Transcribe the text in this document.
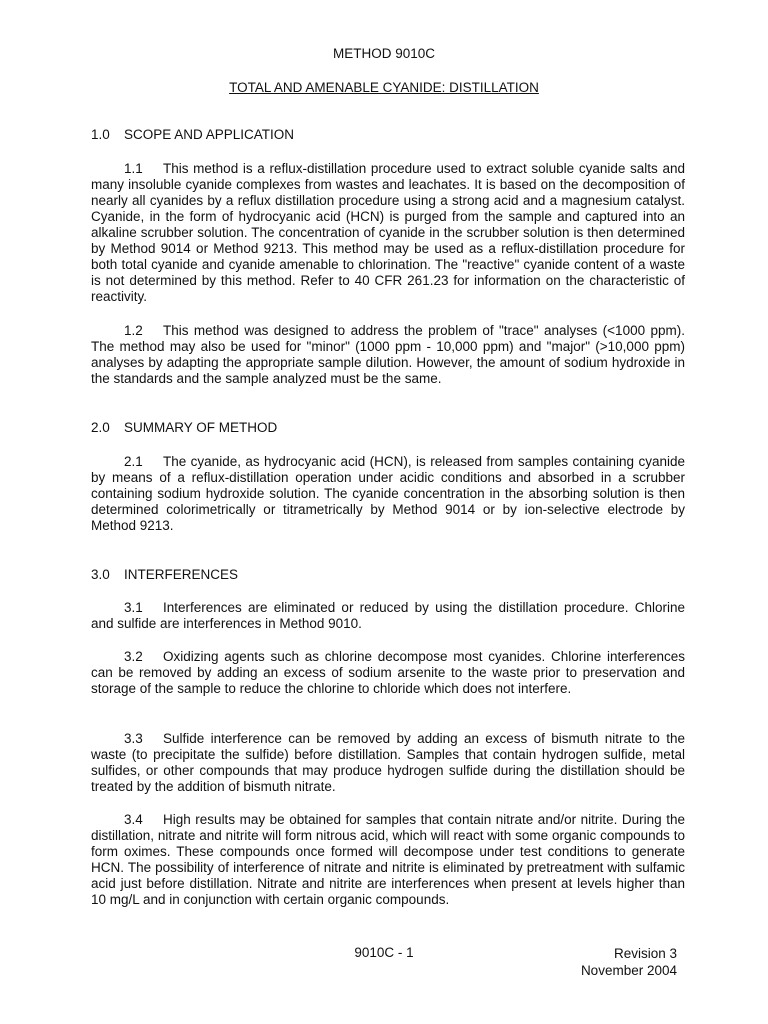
METHOD 9010C
TOTAL AND AMENABLE CYANIDE: DISTILLATION
1.0 SCOPE AND APPLICATION
1.1 This method is a reflux-distillation procedure used to extract soluble cyanide salts and many insoluble cyanide complexes from wastes and leachates. It is based on the decomposition of nearly all cyanides by a reflux distillation procedure using a strong acid and a magnesium catalyst. Cyanide, in the form of hydrocyanic acid (HCN) is purged from the sample and captured into an alkaline scrubber solution. The concentration of cyanide in the scrubber solution is then determined by Method 9014 or Method 9213. This method may be used as a reflux-distillation procedure for both total cyanide and cyanide amenable to chlorination. The "reactive" cyanide content of a waste is not determined by this method. Refer to 40 CFR 261.23 for information on the characteristic of reactivity.
1.2 This method was designed to address the problem of "trace" analyses (<1000 ppm). The method may also be used for "minor" (1000 ppm - 10,000 ppm) and "major" (>10,000 ppm) analyses by adapting the appropriate sample dilution. However, the amount of sodium hydroxide in the standards and the sample analyzed must be the same.
2.0 SUMMARY OF METHOD
2.1 The cyanide, as hydrocyanic acid (HCN), is released from samples containing cyanide by means of a reflux-distillation operation under acidic conditions and absorbed in a scrubber containing sodium hydroxide solution. The cyanide concentration in the absorbing solution is then determined colorimetrically or titrametrically by Method 9014 or by ion-selective electrode by Method 9213.
3.0 INTERFERENCES
3.1 Interferences are eliminated or reduced by using the distillation procedure. Chlorine and sulfide are interferences in Method 9010.
3.2 Oxidizing agents such as chlorine decompose most cyanides. Chlorine interferences can be removed by adding an excess of sodium arsenite to the waste prior to preservation and storage of the sample to reduce the chlorine to chloride which does not interfere.
3.3 Sulfide interference can be removed by adding an excess of bismuth nitrate to the waste (to precipitate the sulfide) before distillation. Samples that contain hydrogen sulfide, metal sulfides, or other compounds that may produce hydrogen sulfide during the distillation should be treated by the addition of bismuth nitrate.
3.4 High results may be obtained for samples that contain nitrate and/or nitrite. During the distillation, nitrate and nitrite will form nitrous acid, which will react with some organic compounds to form oximes. These compounds once formed will decompose under test conditions to generate HCN. The possibility of interference of nitrate and nitrite is eliminated by pretreatment with sulfamic acid just before distillation. Nitrate and nitrite are interferences when present at levels higher than 10 mg/L and in conjunction with certain organic compounds.
9010C - 1	Revision 3
November 2004
